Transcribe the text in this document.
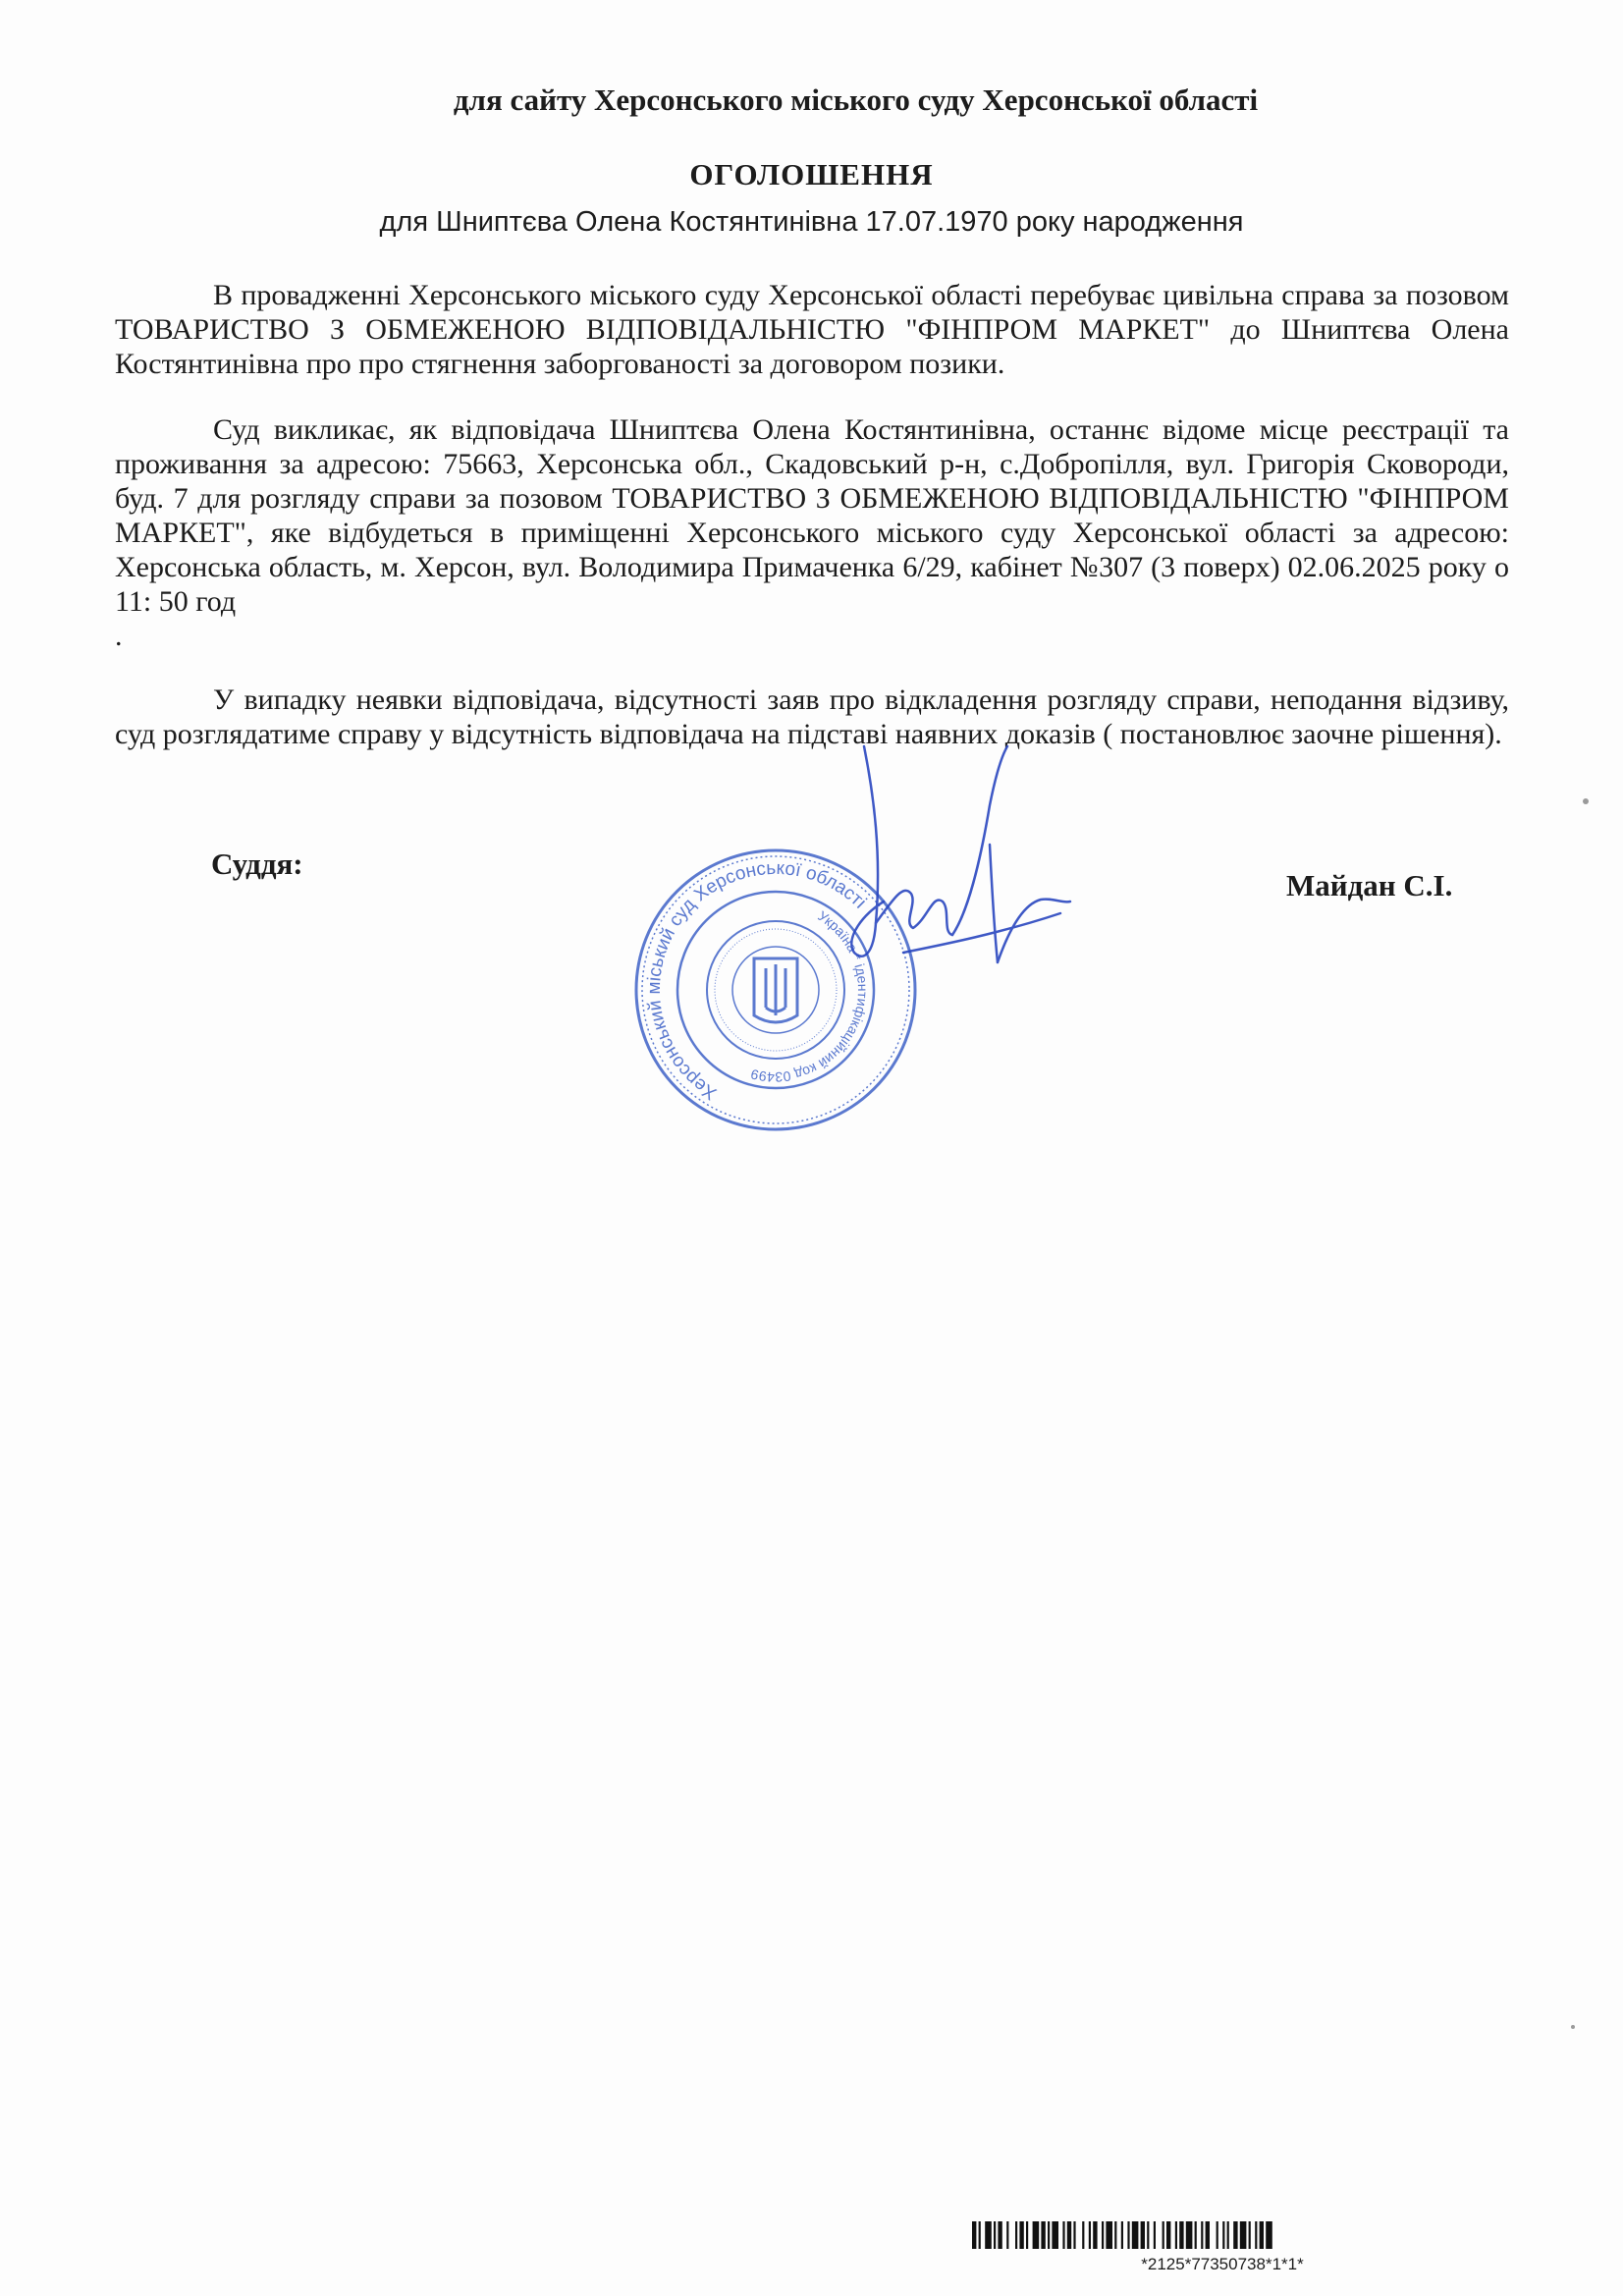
для сайту Херсонського міського суду Херсонської області
ОГОЛОШЕННЯ
для Шниптєва Олена Костянтинівна 17.07.1970 року народження

В провадженні Херсонського міського суду Херсонської області перебуває цивільна справа за позовом ТОВАРИСТВО З ОБМЕЖЕНОЮ ВІДПОВІДАЛЬНІСТЮ "ФІНПРОМ МАРКЕТ" до Шниптєва Олена Костянтинівна про про стягнення заборгованості за договором позики.

Суд викликає, як відповідача Шниптєва Олена Костянтинівна, останнє відоме місце реєстрації та проживання за адресою: 75663, Херсонська обл., Скадовський р-н, с.Добропілля, вул. Григорія Сковороди, буд. 7 для розгляду справи за позовом ТОВАРИСТВО З ОБМЕЖЕНОЮ ВІДПОВІДАЛЬНІСТЮ "ФІНПРОМ МАРКЕТ", яке відбудеться в приміщенні Херсонського міського суду Херсонської області за адресою: Херсонська область, м. Херсон, вул. Володимира Примаченка 6/29, кабінет №307 (3 поверх) 02.06.2025 року о 11: 50 год

.

У випадку неявки відповідача, відсутності заяв про відкладення розгляду справи, неподання відзиву, суд розглядатиме справу у відсутність відповідача на підставі наявних доказів ( постановлює заочне рішення).

Суддя:
Майдан С.І.
Херсонський міський суд Херсонської області
Україна * ідентифікаційний код 03499
*2125*77350738*1*1*
